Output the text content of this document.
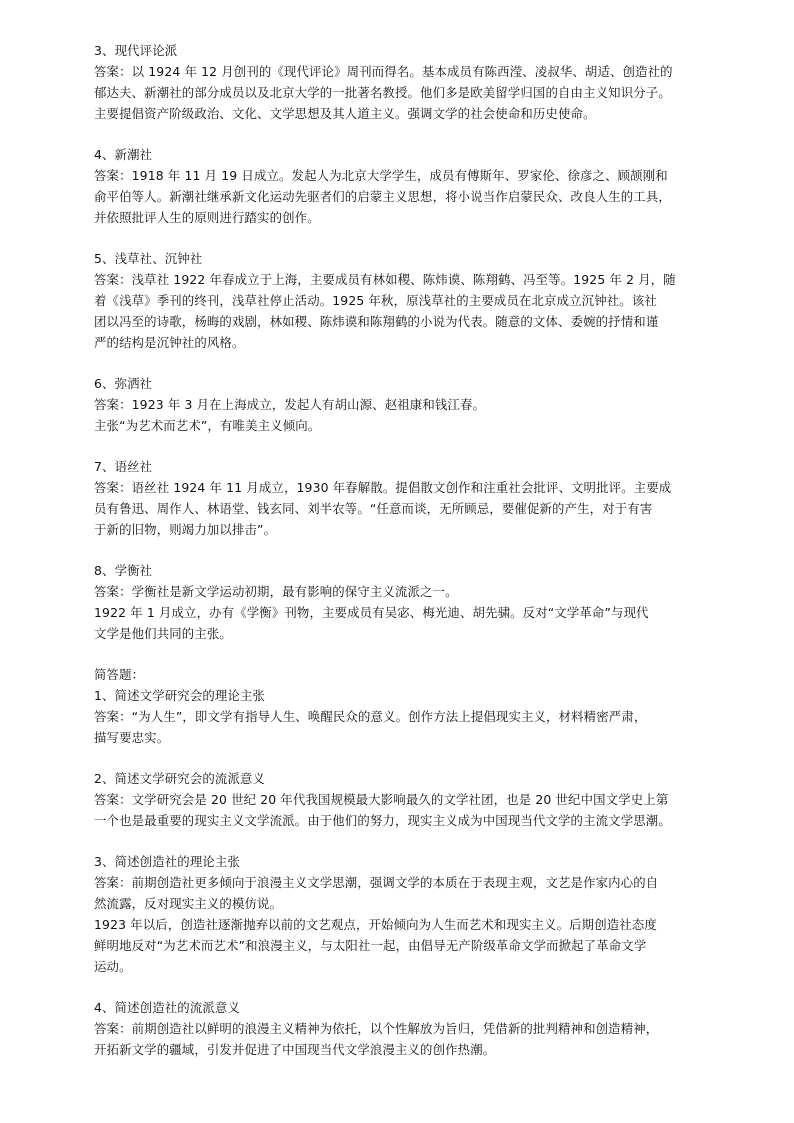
3、现代评论派
答案：以 1924 年 12 月创刊的《现代评论》周刊而得名。基本成员有陈西滢、凌叔华、胡适、创造社的
郁达夫、新潮社的部分成员以及北京大学的一批著名教授。他们多是欧美留学归国的自由主义知识分子。
主要提倡资产阶级政治、文化、文学思想及其人道主义。强调文学的社会使命和历史使命。
4、新潮社
答案：1918 年 11 月 19 日成立。发起人为北京大学学生，成员有傅斯年、罗家伦、徐彦之、顾颉刚和
俞平伯等人。新潮社继承新文化运动先驱者们的启蒙主义思想，将小说当作启蒙民众、改良人生的工具，
并依照批评人生的原则进行踏实的创作。
5、浅草社、沉钟社
答案：浅草社 1922 年春成立于上海，主要成员有林如稷、陈炜谟、陈翔鹤、冯至等。1925 年 2 月，随
着《浅草》季刊的终刊，浅草社停止活动。1925 年秋，原浅草社的主要成员在北京成立沉钟社。该社
团以冯至的诗歌，杨晦的戏剧，林如稷、陈炜谟和陈翔鹤的小说为代表。随意的文体、委婉的抒情和谨
严的结构是沉钟社的风格。
6、弥洒社
答案：1923 年 3 月在上海成立，发起人有胡山源、赵祖康和钱江春。
主张“为艺术而艺术”，有唯美主义倾向。
7、语丝社
答案：语丝社 1924 年 11 月成立，1930 年春解散。提倡散文创作和注重社会批评、文明批评。主要成
员有鲁迅、周作人、林语堂、钱玄同、刘半农等。“任意而谈，无所顾忌，要催促新的产生，对于有害
于新的旧物，则竭力加以排击”。
8、学衡社
答案：学衡社是新文学运动初期，最有影响的保守主义流派之一。
1922 年 1 月成立，办有《学衡》刊物，主要成员有吴宓、梅光迪、胡先骕。反对“文学革命”与现代
文学是他们共同的主张。
简答题：
1、简述文学研究会的理论主张
答案：“为人生”，即文学有指导人生、唤醒民众的意义。创作方法上提倡现实主义，材料精密严肃，
描写要忠实。
2、简述文学研究会的流派意义
答案：文学研究会是 20 世纪 20 年代我国规模最大影响最久的文学社团，也是 20 世纪中国文学史上第
一个也是最重要的现实主义文学流派。由于他们的努力，现实主义成为中国现当代文学的主流文学思潮。
3、简述创造社的理论主张
答案：前期创造社更多倾向于浪漫主义文学思潮，强调文学的本质在于表现主观，文艺是作家内心的自
然流露，反对现实主义的模仿说。
1923 年以后，创造社逐渐抛弃以前的文艺观点，开始倾向为人生而艺术和现实主义。后期创造社态度
鲜明地反对“为艺术而艺术”和浪漫主义，与太阳社一起，由倡导无产阶级革命文学而掀起了革命文学
运动。
4、简述创造社的流派意义
答案：前期创造社以鲜明的浪漫主义精神为依托，以个性解放为旨归，凭借新的批判精神和创造精神，
开拓新文学的疆域，引发并促进了中国现当代文学浪漫主义的创作热潮。
